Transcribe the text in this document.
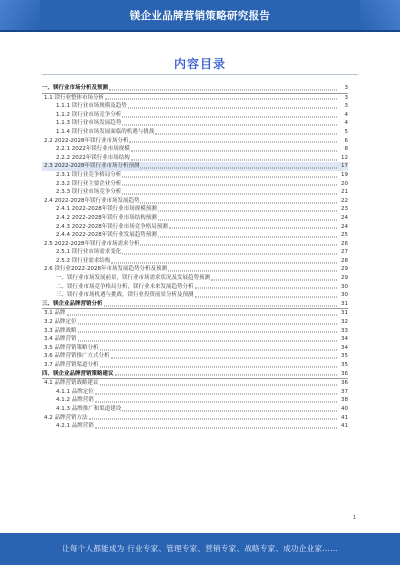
镁企业品牌营销策略研究报告
内容目录
一、镁行业市场分析及预测	3
1.1 镁行业整体市场分析	3
1.1.1 镁行业市场规模及趋势	3
1.1.2 镁行业市场竞争分析	4
1.1.3 镁行业市场发展趋势	4
1.1.4 镁行业市场发展面临的机遇与挑战	5
2.2 2022-2028年镁行业市场分析	6
2.2.1 2022年镁行业市场规模	8
2.2.2 2022年镁行业市场结构	12
2.3 2022-2028年镁行业市场分析预测	17
2.3.1 镁行业竞争格局分析	19
2.3.2 镁行业主要企业分析	20
2.3.3 镁行业市场竞争分析	21
2.4 2022-2028年镁行业市场发展趋势	22
2.4.1 2022-2028年镁行业市场规模预测	23
2.4.2 2022-2028年镁行业市场结构预测	24
2.4.3 2022-2028年镁行业市场竞争格局预测	24
2.4.4 2022-2028年镁行业发展趋势预测	25
2.5 2022-2028年镁行业市场需求分析	26
2.5.1 镁行业市场需求变化	27
2.5.2 镁行业需求结构	28
2.6 镁行业2022-2028年市场发展趋势分析及预测	29
一、镁行业市场发展前景，镁行业市场需求状况及发展趋势预测	29
二、镁行业市场竞争格局分析，镁行业未来发展趋势分析	30
三、镁行业市场机遇与挑战，镁行业投资前景分析及预测	30
三、镁企业品牌营销分析	31
3.1 品牌	31
3.2 品牌定位	32
3.3 品牌战略	33
3.4 品牌营销	34
3.5 品牌营销策略分析	34
3.6 品牌营销推广方式分析	35
3.7 品牌营销渠道分析	35
四、镁企业品牌营销策略建议	36
4.1 品牌营销战略建议	36
4.1.1 品牌定位	37
4.1.2 品牌营销	38
4.1.3 品牌推广和渠道建设	40
4.2 品牌营销方法	41
4.2.1 品牌营销	41
1
让每个人都能成为 行业专家、管理专家、营销专家、战略专家、成功企业家……
